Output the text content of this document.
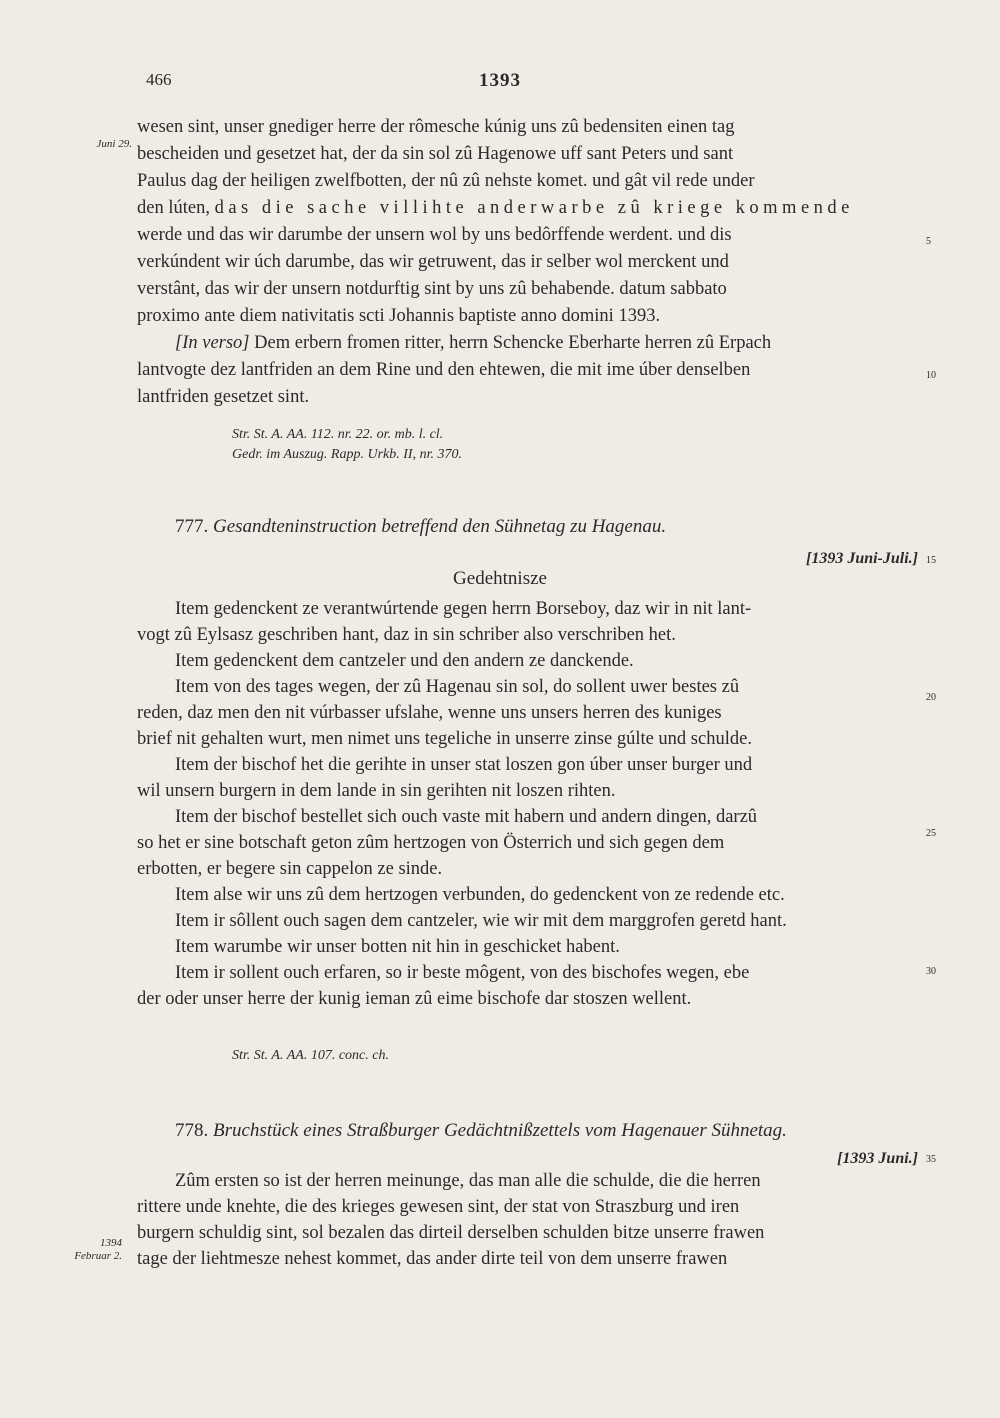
466	1393
Juni 29.
1394
Februar 2.
5
10
15
20
25
30
35

wesen sint, unser gnediger herre der rômesche kúnig uns zû bedensiten einen tag

bescheiden und gesetzet hat, der da sin sol zû Hagenowe uff sant Peters und sant

Paulus dag der heiligen zwelfbotten, der nû zû nehste komet. und gât vil rede under

den lúten, das die sache villihte anderwarbe zû kriege kommende

werde und das wir darumbe der unsern wol by uns bedôrffende werdent. und dis

verkúndent wir úch darumbe, das wir getruwent, das ir selber wol merckent und

verstânt, das wir der unsern notdurftig sint by uns zû behabende. datum sabbato

proximo ante diem nativitatis scti Johannis baptiste anno domini 1393.

[In verso] Dem erbern fromen ritter, herrn Schencke Eberharte herren zû Erpach

lantvogte dez lantfriden an dem Rine und den ehtewen, die mit ime úber denselben

lantfriden gesetzet sint.

Str. St. A. AA. 112. nr. 22. or. mb. l. cl.
Gedr. im Auszug. Rapp. Urkb. II, nr. 370.
777. Gesandteninstruction betreffend den Sühnetag zu Hagenau.
[1393 Juni-Juli.]
Gedehtnisze

Item gedenckent ze verantwúrtende gegen herrn Borseboy, daz wir in nit lant-

vogt zû Eylsasz geschriben hant, daz in sin schriber also verschriben het.

Item gedenckent dem cantzeler und den andern ze danckende.

Item von des tages wegen, der zû Hagenau sin sol, do sollent uwer bestes zû

reden, daz men den nit vúrbasser ufslahe, wenne uns unsers herren des kuniges

brief nit gehalten wurt, men nimet uns tegeliche in unserre zinse gúlte und schulde.

Item der bischof het die gerihte in unser stat loszen gon úber unser burger und

wil unsern burgern in dem lande in sin gerihten nit loszen rihten.

Item der bischof bestellet sich ouch vaste mit habern und andern dingen, darzû

so het er sine botschaft geton zûm hertzogen von Österrich und sich gegen dem

erbotten, er begere sin cappelon ze sinde.

Item alse wir uns zû dem hertzogen verbunden, do gedenckent von ze redende etc.

Item ir sôllent ouch sagen dem cantzeler, wie wir mit dem marggrofen geretd hant.

Item warumbe wir unser botten nit hin in geschicket habent.

Item ir sollent ouch erfaren, so ir beste môgent, von des bischofes wegen, ebe

der oder unser herre der kunig ieman zû eime bischofe dar stoszen wellent.

Str. St. A. AA. 107. conc. ch.
778. Bruchstück eines Straßburger Gedächtnißzettels vom Hagenauer Sühnetag.
[1393 Juni.]

Zûm ersten so ist der herren meinunge, das man alle die schulde, die die herren

rittere unde knehte, die des krieges gewesen sint, der stat von Straszburg und iren

burgern schuldig sint, sol bezalen das dirteil derselben schulden bitze unserre frawen

tage der liehtmesze nehest kommet, das ander dirte teil von dem unserre frawen
